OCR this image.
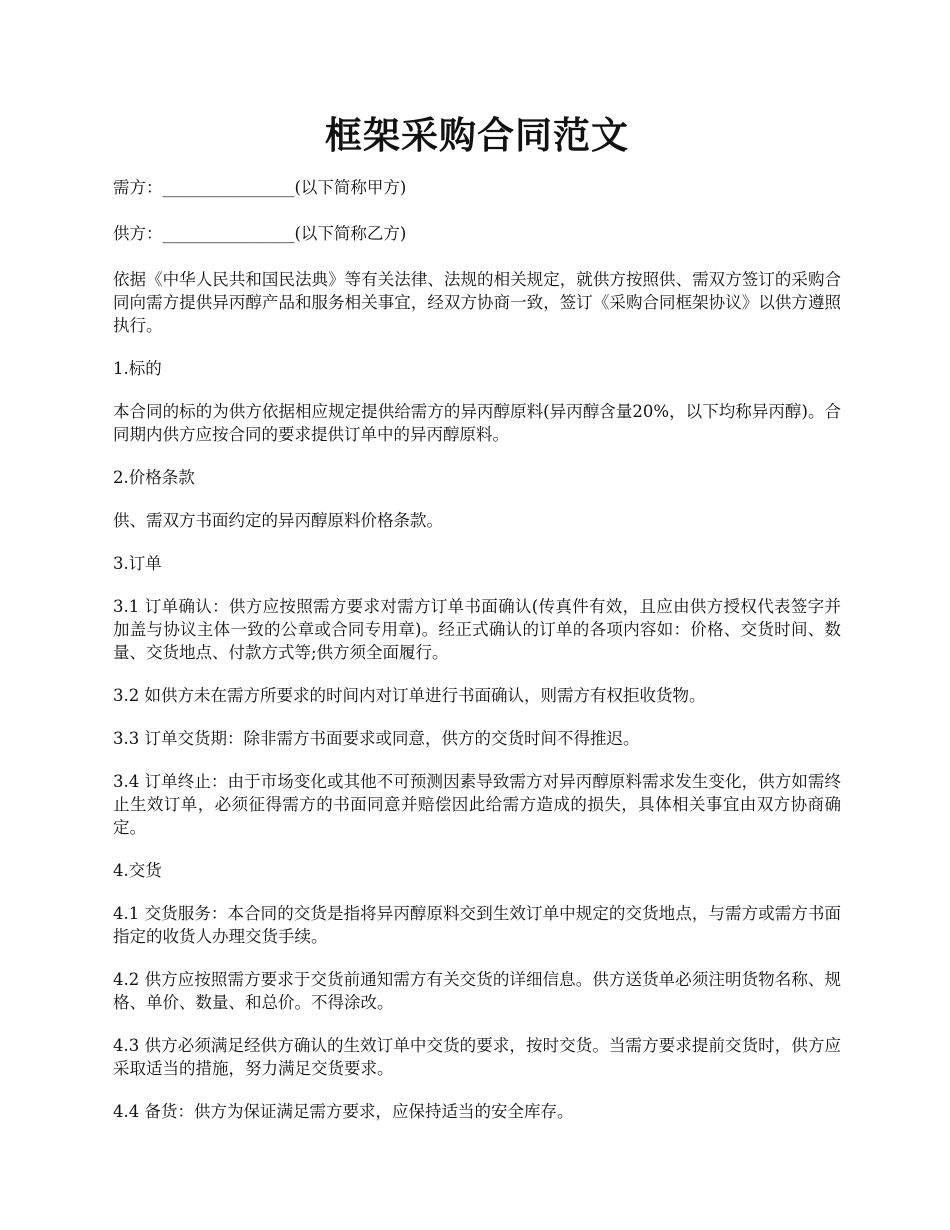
框架采购合同范文
需方：________________(以下简称甲方)
供方：________________(以下简称乙方)
依据《中华人民共和国民法典》等有关法律、法规的相关规定，就供方按照供、需双方签订的采购合同向需方提供异丙醇产品和服务相关事宜，经双方协商一致，签订《采购合同框架协议》以供方遵照执行。
1.标的
本合同的标的为供方依据相应规定提供给需方的异丙醇原料(异丙醇含量20%，以下均称异丙醇)。合同期内供方应按合同的要求提供订单中的异丙醇原料。
2.价格条款
供、需双方书面约定的异丙醇原料价格条款。
3.订单
3.1 订单确认：供方应按照需方要求对需方订单书面确认(传真件有效，且应由供方授权代表签字并加盖与协议主体一致的公章或合同专用章)。经正式确认的订单的各项内容如：价格、交货时间、数量、交货地点、付款方式等;供方须全面履行。
3.2 如供方未在需方所要求的时间内对订单进行书面确认，则需方有权拒收货物。
3.3 订单交货期：除非需方书面要求或同意，供方的交货时间不得推迟。
3.4 订单终止：由于市场变化或其他不可预测因素导致需方对异丙醇原料需求发生变化，供方如需终止生效订单，必须征得需方的书面同意并赔偿因此给需方造成的损失，具体相关事宜由双方协商确定。
4.交货
4.1 交货服务：本合同的交货是指将异丙醇原料交到生效订单中规定的交货地点，与需方或需方书面指定的收货人办理交货手续。
4.2 供方应按照需方要求于交货前通知需方有关交货的详细信息。供方送货单必须注明货物名称、规格、单价、数量、和总价。不得涂改。
4.3 供方必须满足经供方确认的生效订单中交货的要求，按时交货。当需方要求提前交货时，供方应采取适当的措施，努力满足交货要求。
4.4 备货：供方为保证满足需方要求，应保持适当的安全库存。
